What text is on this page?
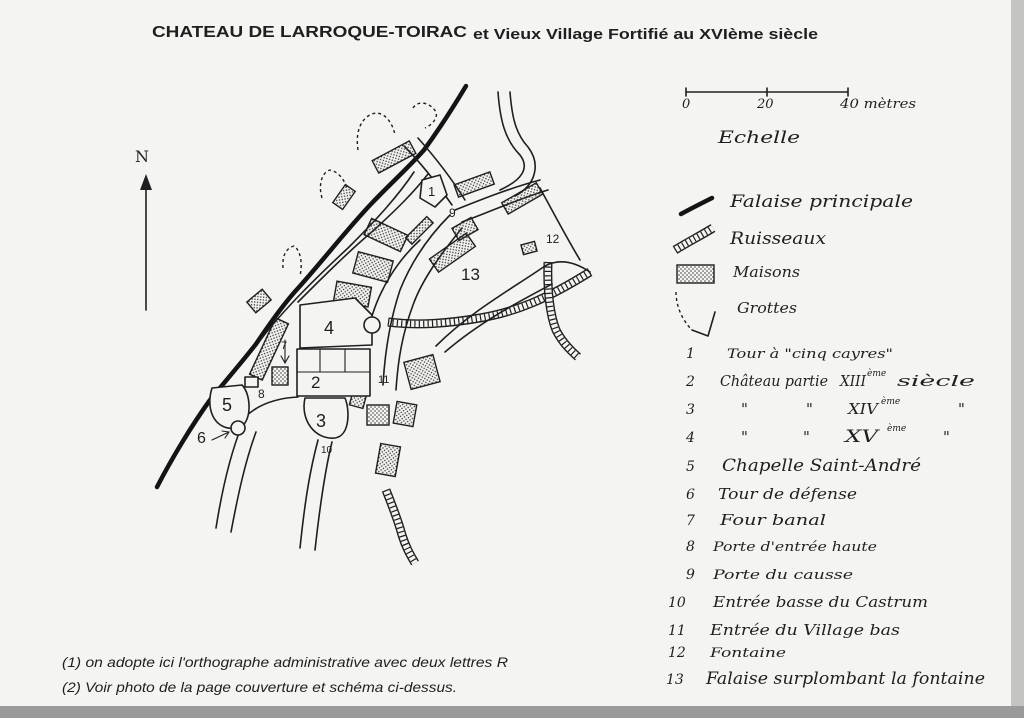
CHATEAU DE LARROQUE-TOIRAC et Vieux Village Fortifié au XVIème siècle
N
1
2
3
4
5
6
7
8
9
10
11
12
13
0	20	40 mètres
Echelle
Falaise principale
Ruisseaux
Maisons
Grottes
1 Tour à "cinq cayres"
2 Château partie XIII ème siècle
3	"	" XIV ème	"
4	"	" XV ème "
5 Chapelle Saint-André
6 Tour de défense
7 Four banal
8 Porte d'entrée haute
9 Porte du causse
10 Entrée basse du Castrum
11 Entrée du Village bas
12 Fontaine
13 Falaise surplombant la fontaine
(1) on adopte ici l'orthographe administrative avec deux lettres R
(2) Voir photo de la page couverture et schéma ci-dessus.
